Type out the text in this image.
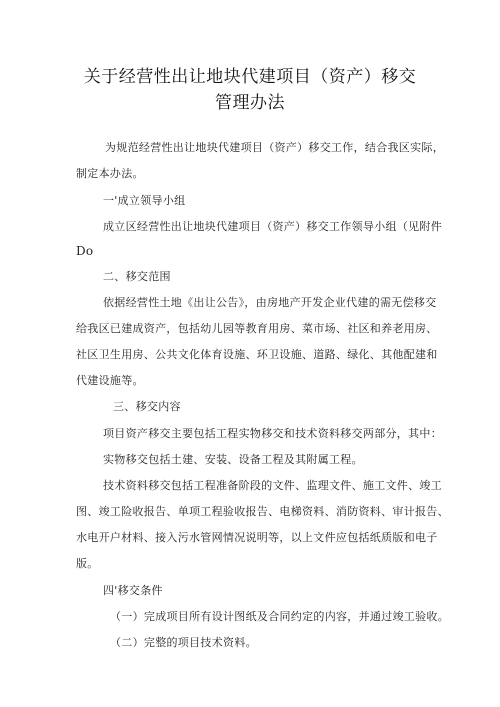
关于经营性出让地块代建项目（资产）移交
管理办法
为规范经营性出让地块代建项目（资产）移交工作，结合我区实际，
制定本办法。
一'成立领导小组
成立区经营性出让地块代建项目（资产）移交工作领导小组（见附件
Do
二、移交范围
依据经营性土地《出让公告》，由房地产开发企业代建的需无偿移交
给我区已建成资产，包括幼儿园等教育用房、菜市场、社区和养老用房、
社区卫生用房、公共文化体育设施、环卫设施、道路、绿化、其他配建和
代建设施等。
三、移交内容
项目资产移交主要包括工程实物移交和技术资料移交两部分，其中：
实物移交包括土建、安装、设备工程及其附属工程。
技术资料移交包括工程准备阶段的文件、监理文件、施工文件、竣工
图、竣工险收报告、单项工程验收报告、电梯资料、消防资料、审计报告、
水电开户材料、接入污水管网情况说明等，以上文件应包括纸质版和电子
版。
四'移交条件
（一）完成项目所有设计图纸及合同约定的内容，并通过竣工验收。
（二）完整的项目技术资料。
